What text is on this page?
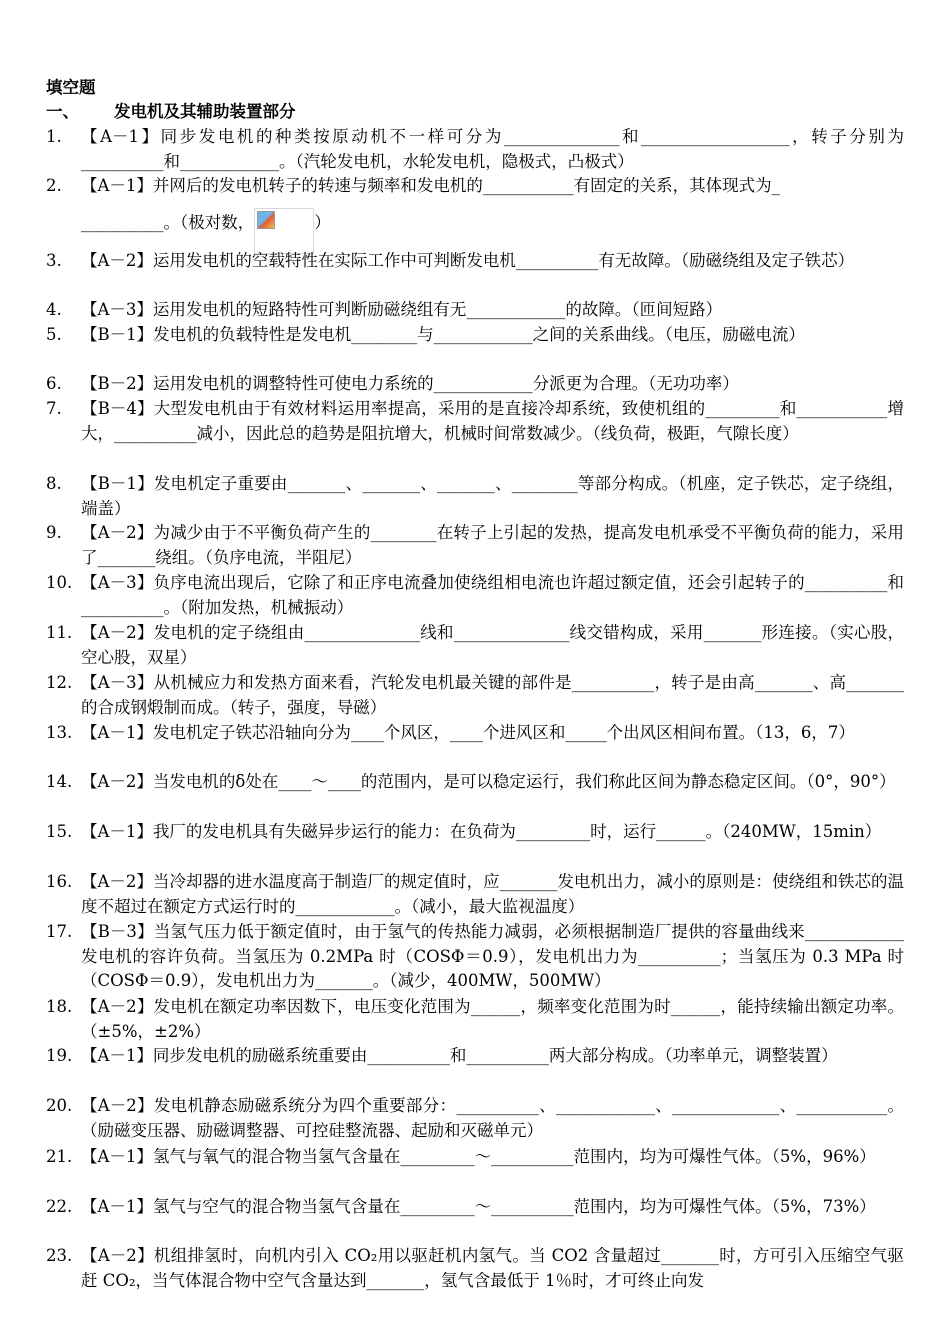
填空题
一、 发电机及其辅助装置部分
1. 【A－1】同步发电机的种类按原动机不一样可分为______________和__________________，转子分别为__________和____________。（汽轮发电机，水轮发电机，隐极式，凸极式）
2. 【A－1】并网后的发电机转子的转速与频率和发电机的___________有固定的关系，其体现式为_
__________。（极对数，	）
3. 【A－2】运用发电机的空载特性在实际工作中可判断发电机__________有无故障。（励磁绕组及定子铁芯）
4. 【A－3】运用发电机的短路特性可判断励磁绕组有无____________的故障。（匝间短路）
5. 【B－1】发电机的负载特性是发电机________与____________之间的关系曲线。（电压，励磁电流）
6. 【B－2】运用发电机的调整特性可使电力系统的____________分派更为合理。（无功功率）
7. 【B－4】大型发电机由于有效材料运用率提高，采用的是直接冷却系统，致使机组的_________和___________增大，__________减小，因此总的趋势是阻抗增大，机械时间常数减少。（线负荷，极距，气隙长度）
8. 【B－1】发电机定子重要由_______、_______、_______、________等部分构成。（机座，定子铁芯，定子绕组，端盖）
9. 【A－2】为减少由于不平衡负荷产生的________在转子上引起的发热，提高发电机承受不平衡负荷的能力，采用了_______绕组。（负序电流，半阻尼）
10. 【A－3】负序电流出现后，它除了和正序电流叠加使绕组相电流也许超过额定值，还会引起转子的__________和__________。（附加发热，机械振动）
11. 【A－2】发电机的定子绕组由______________线和______________线交错构成，采用_______形连接。（实心股，空心股，双星）
12. 【A－3】从机械应力和发热方面来看，汽轮发电机最关键的部件是__________，转子是由高_______、高_______的合成钢煅制而成。（转子，强度，导磁）
13. 【A－1】发电机定子铁芯沿轴向分为____个风区，____个进风区和_____个出风区相间布置。（13，6，7）
14. 【A－2】当发电机的δ处在____～____的范围内，是可以稳定运行，我们称此区间为静态稳定区间。（0°，90°）
15. 【A－1】我厂的发电机具有失磁异步运行的能力：在负荷为_________时，运行______。（240MW，15min）
16. 【A－2】当冷却器的进水温度高于制造厂的规定值时，应_______发电机出力，减小的原则是：使绕组和铁芯的温度不超过在额定方式运行时的____________。（减小，最大监视温度）
17. 【B－3】当氢气压力低于额定值时，由于氢气的传热能力减弱，必须根据制造厂提供的容量曲线来____________发电机的容许负荷。当氢压为 0.2MPa 时（COSΦ＝0.9），发电机出力为__________；当氢压为 0.3 MPa 时（COSΦ＝0.9），发电机出力为_______。（减少，400MW，500MW）
18. 【A－2】发电机在额定功率因数下，电压变化范围为______，频率变化范围为时______，能持续输出额定功率。（±5%，±2%）
19. 【A－1】同步发电机的励磁系统重要由__________和__________两大部分构成。（功率单元，调整装置）
20. 【A－2】发电机静态励磁系统分为四个重要部分：__________、____________、_____________、___________。（励磁变压器、励磁调整器、可控硅整流器、起励和灭磁单元）
21. 【A－1】氢气与氧气的混合物当氢气含量在_________～__________范围内，均为可爆性气体。（5%，96%）
22. 【A－1】氢气与空气的混合物当氢气含量在_________～__________范围内，均为可爆性气体。（5%，73%）
23. 【A－2】机组排氢时，向机内引入 CO₂用以驱赶机内氢气。当 CO2 含量超过_______时，方可引入压缩空气驱赶 CO₂，当气体混合物中空气含量达到_______，氢气含最低于 1％时，才可终止向发
